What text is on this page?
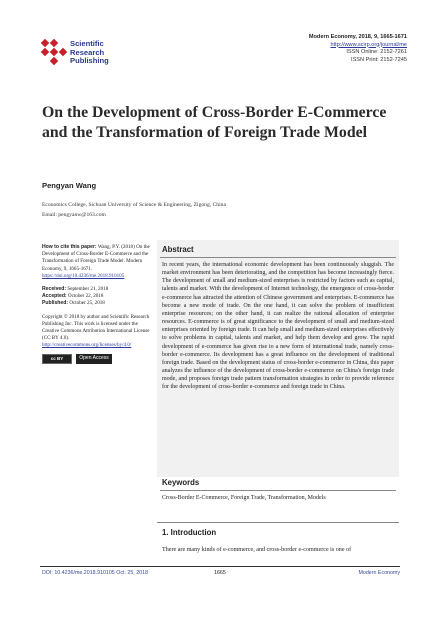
Scientific
Research
Publishing
Modern Economy, 2018, 9, 1665-1671
http://www.scirp.org/journal/me
ISSN Online: 2152-7261
ISSN Print: 2152-7245
On the Development of Cross-Border E-Commerce and the Transformation of Foreign Trade Model
Pengyan Wang
Economics College, Sichuan University of Science & Engineering, Zigong, China
Email: pengyanw@163.com
How to cite this paper: Wang, P.Y. (2018) On the Development of Cross-Border E-Commerce and the Transformation of Foreign Trade Model. Modern Economy, 9, 1665-1671.
https://doi.org/10.4236/me.2018.910105
Received: September 21, 2018
Accepted: October 22, 2018
Published: October 25, 2018
Copyright © 2018 by author and Scientific Research Publishing Inc. This work is licensed under the Creative Commons Attribution International License (CC BY 4.0).
http://creativecommons.org/licenses/by/4.0/
cc BY	Open Access
Abstract
In recent years, the international economic development has been continuously sluggish. The market environment has been deteriorating, and the competition has become increasingly fierce. The development of small and medium-sized enterprises is restricted by factors such as capital, talents and market. With the development of Internet technology, the emergence of cross-border e-commerce has attracted the attention of Chinese government and enterprises. E-commerce has become a new mode of trade. On the one hand, it can solve the problem of insufficient enterprise resources; on the other hand, it can realize the rational allocation of enterprise resources. E-commerce is of great significance to the development of small and medium-sized enterprises oriented by foreign trade. It can help small and medium-sized enterprises effectively to solve problems in capital, talents and market, and help them develop and grow. The rapid development of e-commerce has given rise to a new form of international trade, namely cross-border e-commerce. Its development has a great influence on the development of traditional foreign trade. Based on the development status of cross-border e-commerce in China, this paper analyzes the influence of the development of cross-border e-commerce on China's foreign trade mode, and proposes foreign trade pattern transformation strategies in order to provide reference for the development of cross-border e-commerce and foreign trade in China.
Keywords
Cross-Border E-Commerce, Foreign Trade, Transformation, Models
1. Introduction
There are many kinds of e-commerce, and cross-border e-commerce is one of
DOI: 10.4236/me.2018.910105 Oct. 25, 2018	1665	Modern Economy
